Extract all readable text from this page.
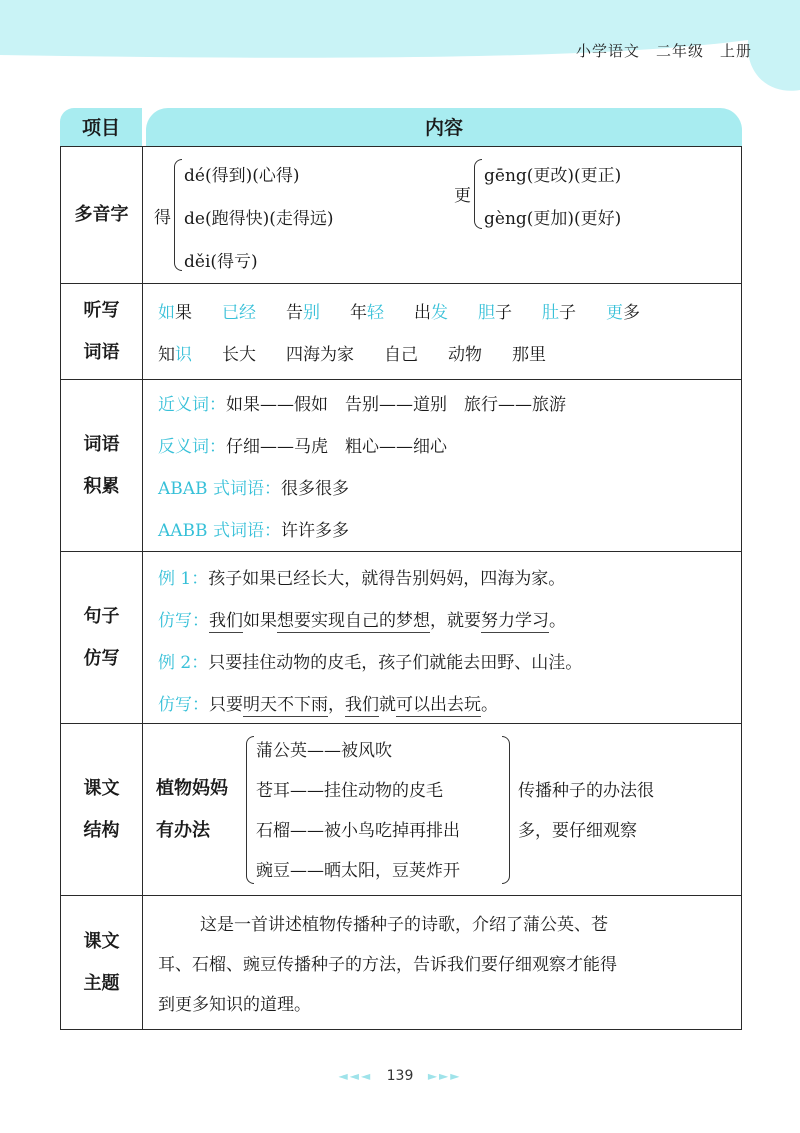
小学语文 二年级 上册
项目	内容
多音字 得
dé(得到)(心得)
de(跑得快)(走得远)
děi(得亏)
更
gēng(更改)(更正)
gèng(更加)(更好)
听写
词语
如果 已经 告别 年轻 出发 胆子 肚子 更多
知识 长大 四海为家 自己 动物 那里
词语
积累
近义词：如果——假如　告别——道别　旅行——旅游
反义词：仔细——马虎　粗心——细心
ABAB 式词语：很多很多
AABB 式词语：许许多多
句子
仿写
例 1：孩子如果已经长大，就得告别妈妈，四海为家。
仿写：我们如果想要实现自己的梦想，就要努力学习。
例 2：只要挂住动物的皮毛，孩子们就能去田野、山洼。
仿写：只要明天不下雨，我们就可以出去玩。
课文
结构
植物妈妈
有办法
蒲公英——被风吹
苍耳——挂住动物的皮毛
石榴——被小鸟吃掉再排出
豌豆——晒太阳，豆荚炸开
传播种子的办法很
多，要仔细观察
课文
主题
这是一首讲述植物传播种子的诗歌，介绍了蒲公英、苍
耳、石榴、豌豆传播种子的方法，告诉我们要仔细观察才能得
到更多知识的道理。
◄◄◄ 139 ►►►
